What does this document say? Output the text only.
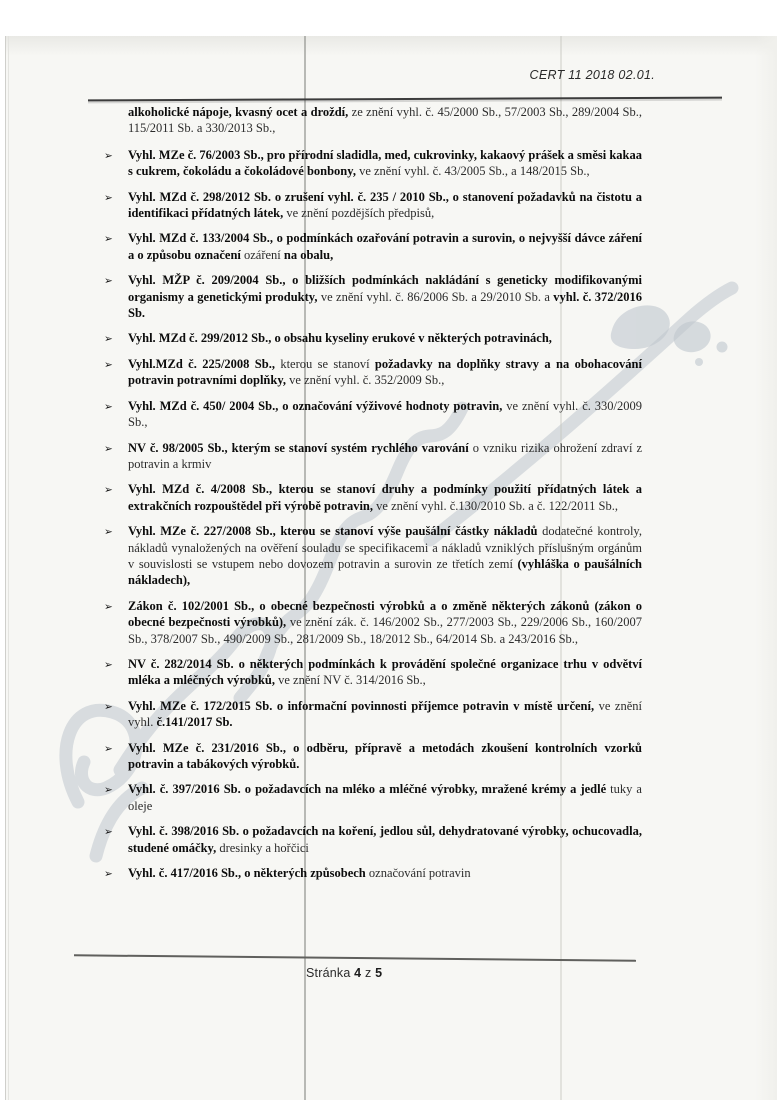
CERT 11 2018 02.01.

alkoholické nápoje, kvasný ocet a droždí, ze znění vyhl. č. 45/2000 Sb., 57/2003 Sb., 289/2004 Sb., 115/2011 Sb. a 330/2013 Sb.,

➢ Vyhl. MZe č. 76/2003 Sb., pro přírodní sladidla, med, cukrovinky, kakaový prášek a směsi kakaa s cukrem, čokoládu a čokoládové bonbony, ve znění vyhl. č. 43/2005 Sb., a 148/2015 Sb.,
➢ Vyhl. MZd č. 298/2012 Sb. o zrušení vyhl. č. 235 / 2010 Sb., o stanovení požadavků na čistotu a identifikaci přídatných látek, ve znění pozdějších předpisů,
➢ Vyhl. MZd č. 133/2004 Sb., o podmínkách ozařování potravin a surovin, o nejvyšší dávce záření a o způsobu označení ozáření na obalu,
➢ Vyhl. MŽP č. 209/2004 Sb., o bližších podmínkách nakládání s geneticky modifikovanými organismy a genetickými produkty, ve znění vyhl. č. 86/2006 Sb. a 29/2010 Sb. a vyhl. č. 372/2016 Sb.
➢ Vyhl. MZd č. 299/2012 Sb., o obsahu kyseliny erukové v některých potravinách,
➢ Vyhl.MZd č. 225/2008 Sb., kterou se stanoví požadavky na doplňky stravy a na obohacování potravin potravními doplňky, ve znění vyhl. č. 352/2009 Sb.,
➢ Vyhl. MZd č. 450/ 2004 Sb., o označování výživové hodnoty potravin, ve znění vyhl. č. 330/2009 Sb.,
➢ NV č. 98/2005 Sb., kterým se stanoví systém rychlého varování o vzniku rizika ohrožení zdraví z potravin a krmiv
➢ Vyhl. MZd č. 4/2008 Sb., kterou se stanoví druhy a podmínky použití přídatných látek a extrakčních rozpouštědel při výrobě potravin, ve znění vyhl. č.130/2010 Sb. a č. 122/2011 Sb.,
➢ Vyhl. MZe č. 227/2008 Sb., kterou se stanoví výše paušální částky nákladů dodatečné kontroly, nákladů vynaložených na ověření souladu se specifikacemi a nákladů vzniklých příslušným orgánům v souvislosti se vstupem nebo dovozem potravin a surovin ze třetích zemí (vyhláška o paušálních nákladech),
➢ Zákon č. 102/2001 Sb., o obecné bezpečnosti výrobků a o změně některých zákonů (zákon o obecné bezpečnosti výrobků), ve znění zák. č. 146/2002 Sb., 277/2003 Sb., 229/2006 Sb., 160/2007 Sb., 378/2007 Sb., 490/2009 Sb., 281/2009 Sb., 18/2012 Sb., 64/2014 Sb. a 243/2016 Sb.,
➢ NV č. 282/2014 Sb. o některých podmínkách k provádění společné organizace trhu v odvětví mléka a mléčných výrobků, ve znění NV č. 314/2016 Sb.,
➢ Vyhl. MZe č. 172/2015 Sb. o informační povinnosti příjemce potravin v místě určení, ve znění vyhl. č.141/2017 Sb.
➢ Vyhl. MZe č. 231/2016 Sb., o odběru, přípravě a metodách zkoušení kontrolních vzorků potravin a tabákových výrobků.
➢ Vyhl. č. 397/2016 Sb. o požadavcích na mléko a mléčné výrobky, mražené krémy a jedlé tuky a oleje
➢ Vyhl. č. 398/2016 Sb. o požadavcích na koření, jedlou sůl, dehydratované výrobky, ochucovadla, studené omáčky, dresinky a hořčici
➢ Vyhl. č. 417/2016 Sb., o některých způsobech označování potravin
Stránka 4 z 5
